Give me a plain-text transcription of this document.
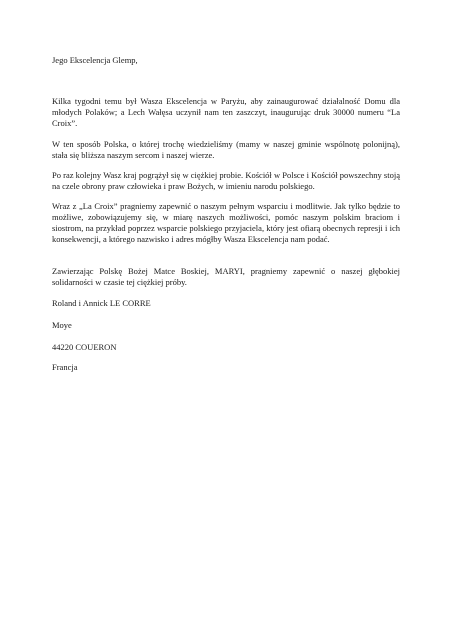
Jego Ekscelencja Glemp,

Kilka tygodni temu był Wasza Ekscelencja w Paryżu, aby zainaugurować działalność Domu dla młodych Polaków; a Lech Wałęsa uczynił nam ten zaszczyt, inaugurując druk 30000 numeru “La Croix”.

W ten sposób Polska, o której trochę wiedzieliśmy (mamy w naszej gminie wspólnotę polonijną), stała się bliższa naszym sercom i naszej wierze.

Po raz kolejny Wasz kraj pogrążył się w ciężkiej probie. Kościół w Polsce i Kościół powszechny stoją na czele obrony praw człowieka i praw Bożych, w imieniu narodu polskiego.

Wraz z „La Croix” pragniemy zapewnić o naszym pełnym wsparciu i modlitwie. Jak tylko będzie to możliwe, zobowiązujemy się, w miarę naszych możliwości, pomóc naszym polskim braciom i siostrom, na przykład poprzez wsparcie polskiego przyjaciela, który jest ofiarą obecnych represji i ich konsekwencji, a którego nazwisko i adres mógłby Wasza Ekscelencja nam podać.

Zawierzając Polskę Bożej Matce Boskiej, MARYI, pragniemy zapewnić o naszej głębokiej solidarności w czasie tej ciężkiej próby.

Roland i Annick LE CORRE

Moye

44220 COUERON

Francja
